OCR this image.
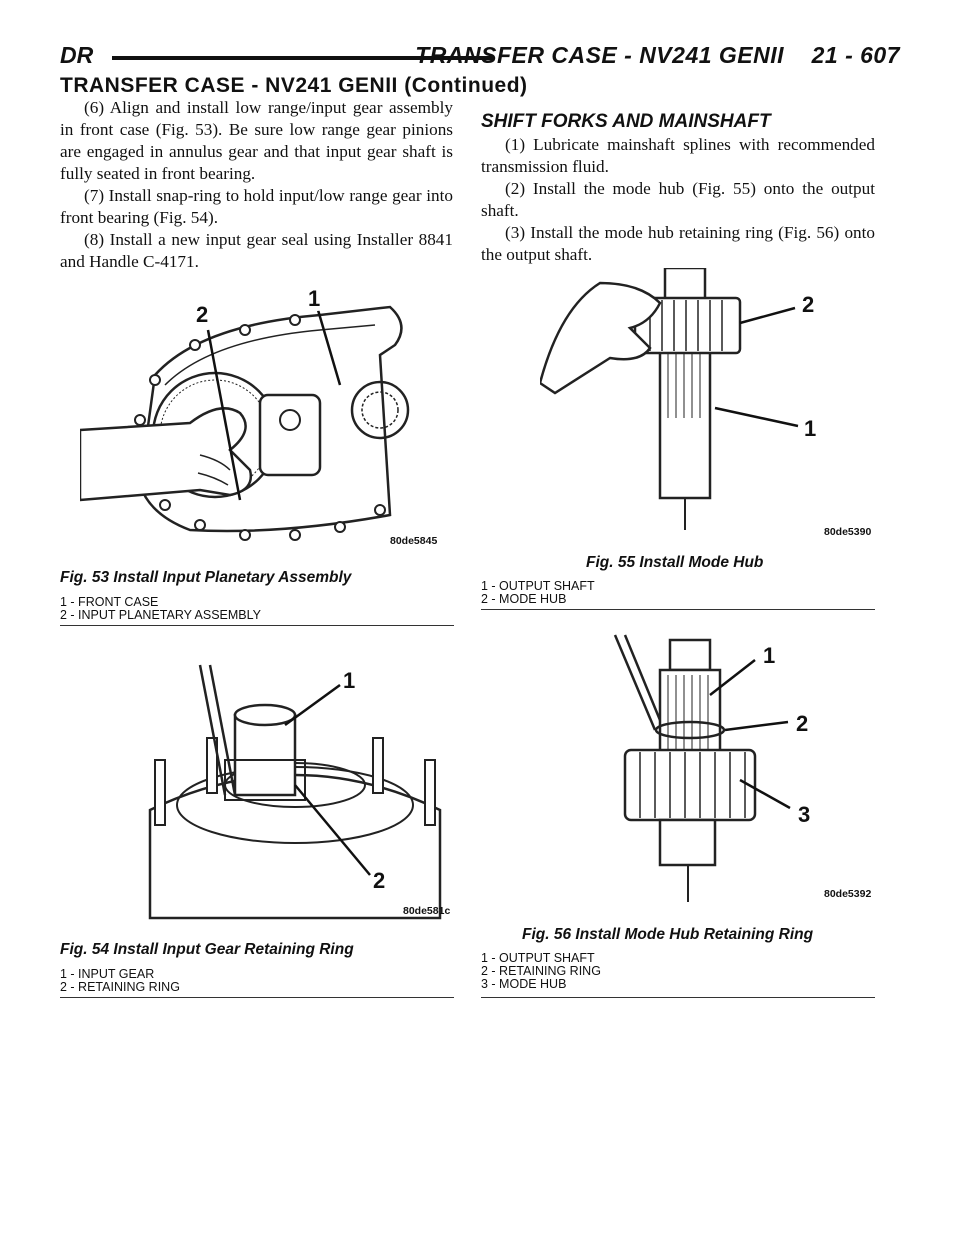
DR	TRANSFER CASE - NV241 GENII    21 - 607
TRANSFER CASE - NV241 GENII (Continued)

(6) Align and install low range/input gear assembly in front case (Fig. 53). Be sure low range gear pinions are engaged in annulus gear and that input gear shaft is fully seated in front bearing.

(7) Install snap-ring to hold input/low range gear into front bearing (Fig. 54).

(8) Install a new input gear seal using Installer 8841 and Handle C-4171.

SHIFT FORKS AND MAINSHAFT

(1) Lubricate mainshaft splines with recommended transmission fluid.

(2) Install the mode hub (Fig. 55) onto the output shaft.

(3) Install the mode hub retaining ring (Fig. 56) onto the output shaft.

2
1
80de5845
Fig. 53 Install Input Planetary Assembly
1 - FRONT CASE
2 - INPUT PLANETARY ASSEMBLY
1
2
80de581c
Fig. 54 Install Input Gear Retaining Ring
1 - INPUT GEAR
2 - RETAINING RING
2
1
80de5390
Fig. 55 Install Mode Hub
1 - OUTPUT SHAFT
2 - MODE HUB
1
2
3
80de5392
Fig. 56 Install Mode Hub Retaining Ring
1 - OUTPUT SHAFT
2 - RETAINING RING
3 - MODE HUB
